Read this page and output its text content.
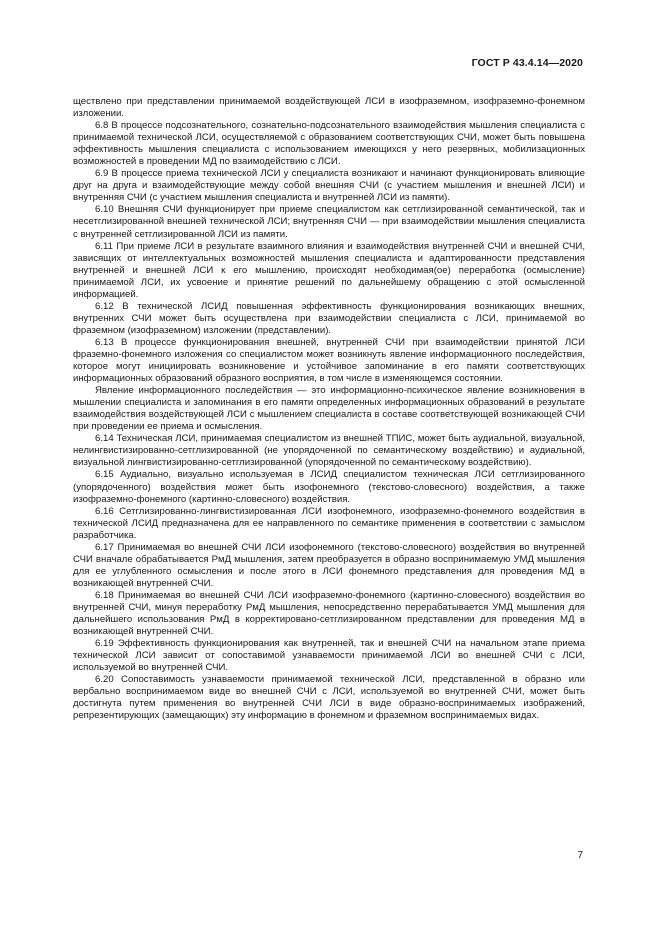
ГОСТ Р 43.4.14—2020

ществлено при представлении принимаемой воздействующей ЛСИ в изофраземном, изофраземно-фонемном изложении.

6.8 В процессе подсознательного, сознательно-подсознательного взаимодействия мышления специалиста с принимаемой технической ЛСИ, осуществляемой с образованием соответствующих СЧИ, может быть повышена эффективность мышления специалиста с использованием имеющихся у него резервных, мобилизационных возможностей в проведении МД по взаимодействию с ЛСИ.

6.9 В процессе приема технической ЛСИ у специалиста возникают и начинают функционировать влияющие друг на друга и взаимодействующие между собой внешняя СЧИ (с участием мышления и внешней ЛСИ) и внутренняя СЧИ (с участием мышления специалиста и внутренней ЛСИ из памяти).

6.10 Внешняя СЧИ функционирует при приеме специалистом как сетглизированной семантической, так и несетглизированной внешней технической ЛСИ; внутренняя СЧИ — при взаимодействии мышления специалиста с внутренней сетглизированной ЛСИ из памяти.

6.11 При приеме ЛСИ в результате взаимного влияния и взаимодействия внутренней СЧИ и внешней СЧИ, зависящих от интеллектуальных возможностей мышления специалиста и адаптированности представления внутренней и внешней ЛСИ к его мышлению, происходят необходимая(ое) переработка (осмысление) принимаемой ЛСИ, их усвоение и принятие решений по дальнейшему обращению с этой осмысленной информацией.

6.12 В технической ЛСИД повышенная эффективность функционирования возникающих внешних, внутренних СЧИ может быть осуществлена при взаимодействии специалиста с ЛСИ, принимаемой во фраземном (изофраземном) изложении (представлении).

6.13 В процессе функционирования внешней, внутренней СЧИ при взаимодействии принятой ЛСИ фраземно-фонемного изложения со специалистом может возникнуть явление информационного последействия, которое могут инициировать возникновение и устойчивое запоминание в его памяти соответствующих информационных образований образного восприятия, в том числе в изменяющемся состоянии.

Явление информационного последействия — это информационно-психическое явление возникновения в мышлении специалиста и запоминания в его памяти определенных информационных образований в результате взаимодействия воздействующей ЛСИ с мышлением специалиста в составе соответствующей возникающей СЧИ при проведении ее приема и осмысления.

6.14 Техническая ЛСИ, принимаемая специалистом из внешней ТПИС, может быть аудиальной, визуальной, нелингвистизированно-сетглизированной (не упорядоченной по семантическому воздействию) и аудиальной, визуальной лингвистизированно-сетглизированной (упорядоченной по семантическому воздействию).

6.15 Аудиально, визуально используемая в ЛСИД специалистом техническая ЛСИ сетглизированного (упорядоченного) воздействия может быть изофонемного (текстово-словесного) воздействия, а также изофраземно-фонемного (картинно-словесного) воздействия.

6.16 Сетглизированно-лингвистизированная ЛСИ изофонемного, изофраземно-фонемного воздействия в технической ЛСИД предназначена для ее направленного по семантике применения в соответствии с замыслом разработчика.

6.17 Принимаемая во внешней СЧИ ЛСИ изофонемного (текстово-словесного) воздействия во внутренней СЧИ вначале обрабатывается РмД мышления, затем преобразуется в образно воспринимаемую УМД мышления для ее углубленного осмысления и после этого в ЛСИ фонемного представления для проведения МД в возникающей внутренней СЧИ.

6.18 Принимаемая во внешней СЧИ ЛСИ изофраземно-фонемного (картинно-словесного) воздействия во внутренней СЧИ, минуя переработку РмД мышления, непосредственно перерабатывается УМД мышления для дальнейшего использования РмД в корректировано-сетглизированном представлении для проведения МД в возникающей внутренней СЧИ.

6.19 Эффективность функционирования как внутренней, так и внешней СЧИ на начальном этапе приема технической ЛСИ зависит от сопоставимой узнаваемости принимаемой ЛСИ во внешней СЧИ с ЛСИ, используемой во внутренней СЧИ.

6.20 Сопоставимость узнаваемости принимаемой технической ЛСИ, представленной в образно или вербально воспринимаемом виде во внешней СЧИ с ЛСИ, используемой во внутренней СЧИ, может быть достигнута путем применения во внутренней СЧИ ЛСИ в виде образно-воспринимаемых изображений, репрезентирующих (замещающих) эту информацию в фонемном и фраземном воспринимаемых видах.

7
